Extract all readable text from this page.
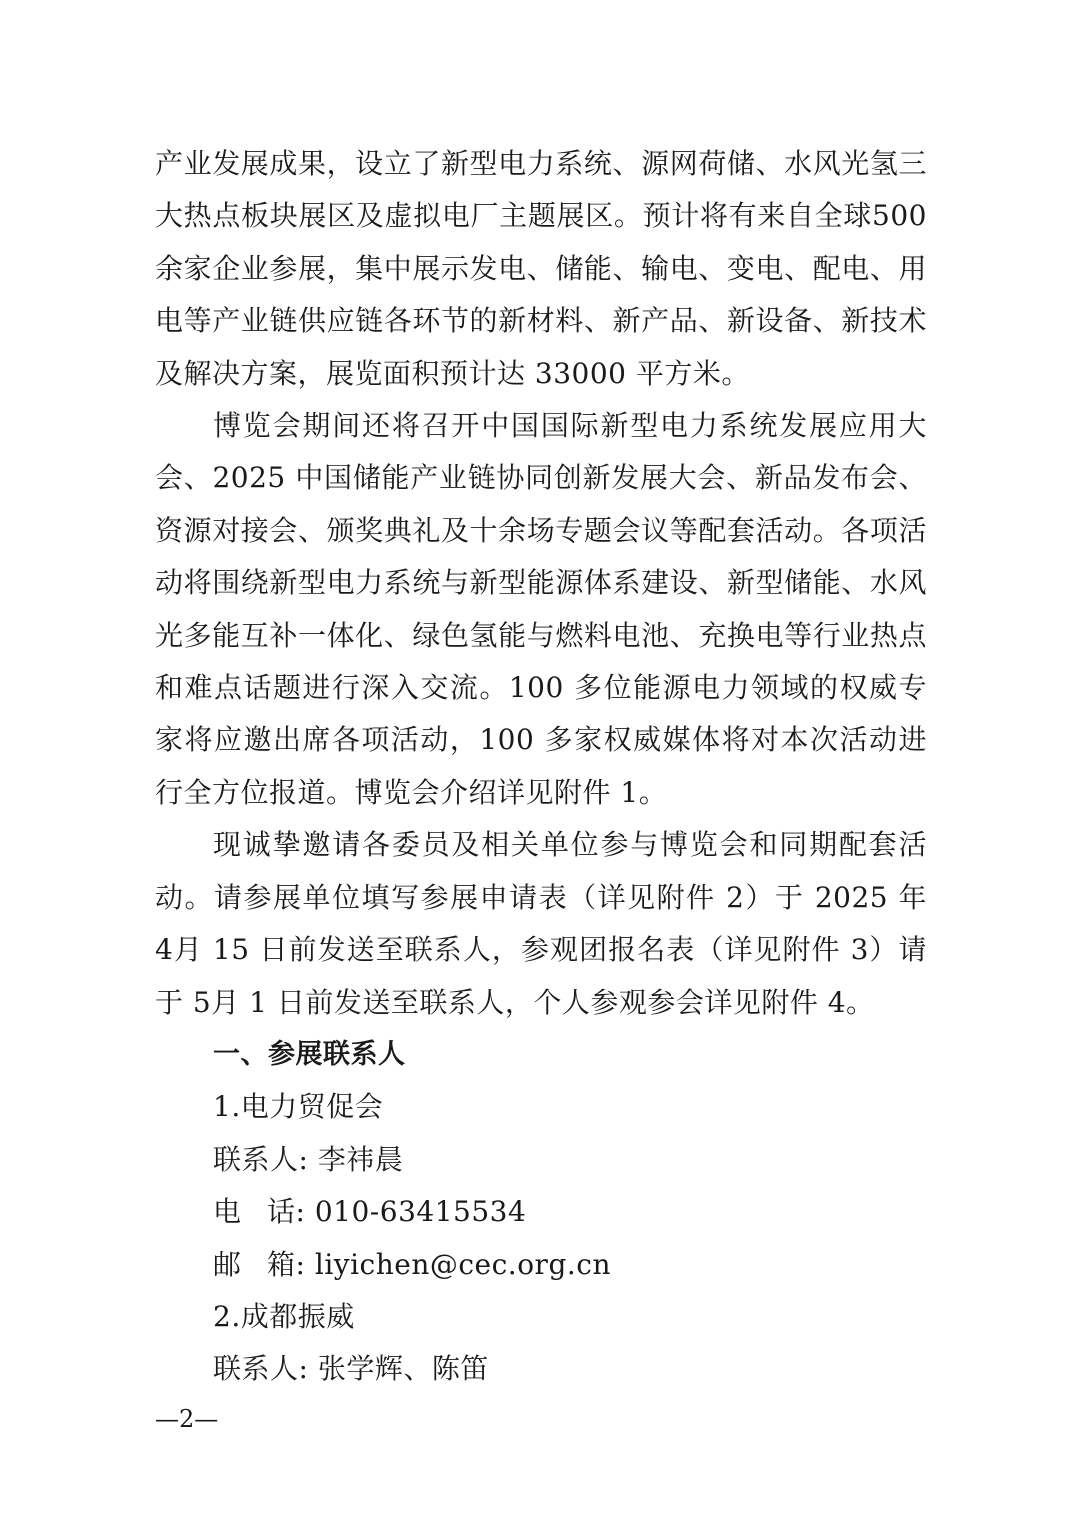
产业发展成果，设立了新型电力系统、源网荷储、水风光氢三大热点板块展区及虚拟电厂主题展区。预计将有来自全球500余家企业参展，集中展示发电、储能、输电、变电、配电、用电等产业链供应链各环节的新材料、新产品、新设备、新技术及解决方案，展览面积预计达 33000 平方米。

博览会期间还将召开中国国际新型电力系统发展应用大会、2025 中国储能产业链协同创新发展大会、新品发布会、资源对接会、颁奖典礼及十余场专题会议等配套活动。各项活动将围绕新型电力系统与新型能源体系建设、新型储能、水风光多能互补一体化、绿色氢能与燃料电池、充换电等行业热点和难点话题进行深入交流。100 多位能源电力领域的权威专家将应邀出席各项活动，100 多家权威媒体将对本次活动进行全方位报道。博览会介绍详见附件 1。

现诚挚邀请各委员及相关单位参与博览会和同期配套活动。请参展单位填写参展申请表（详见附件 2）于 2025 年 4月 15 日前发送至联系人，参观团报名表（详见附件 3）请于 5月 1 日前发送至联系人，个人参观参会详见附件 4。

一、参展联系人

1.电力贸促会

联系人: 李祎晨

电话: 010-63415534

邮箱: liyichen@cec.org.cn

2.成都振威

联系人: 张学辉、陈笛

—2—
